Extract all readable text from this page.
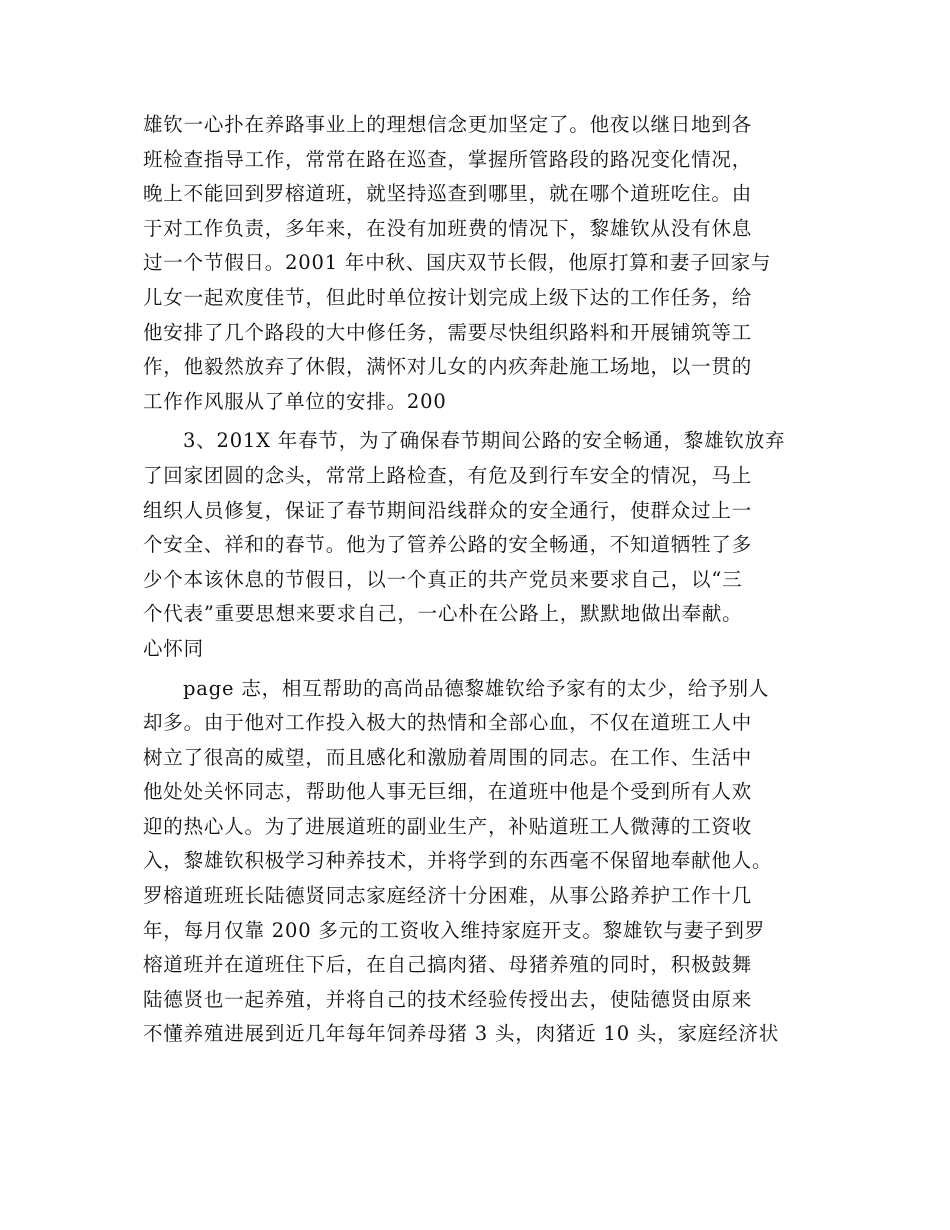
雄钦一心扑在养路事业上的理想信念更加坚定了。他夜以继日地到各
班检查指导工作，常常在路在巡查，掌握所管路段的路况变化情况，
晚上不能回到罗榕道班，就坚持巡查到哪里，就在哪个道班吃住。由
于对工作负责，多年来，在没有加班费的情况下，黎雄钦从没有休息
过一个节假日。2001 年中秋、国庆双节长假，他原打算和妻子回家与
儿女一起欢度佳节，但此时单位按计划完成上级下达的工作任务，给
他安排了几个路段的大中修任务，需要尽快组织路料和开展铺筑等工
作，他毅然放弃了休假，满怀对儿女的内疚奔赴施工场地，以一贯的
工作作风服从了单位的安排。200
3、201X 年春节，为了确保春节期间公路的安全畅通，黎雄钦放弃
了回家团圆的念头，常常上路检查，有危及到行车安全的情况，马上
组织人员修复，保证了春节期间沿线群众的安全通行，使群众过上一
个安全、祥和的春节。他为了管养公路的安全畅通，不知道牺牲了多
少个本该休息的节假日，以一个真正的共产党员来要求自己，以“三
个代表”重要思想来要求自己，一心朴在公路上，默默地做出奉献。
心怀同
page 志，相互帮助的高尚品德黎雄钦给予家有的太少，给予别人
却多。由于他对工作投入极大的热情和全部心血，不仅在道班工人中
树立了很高的威望，而且感化和激励着周围的同志。在工作、生活中
他处处关怀同志，帮助他人事无巨细，在道班中他是个受到所有人欢
迎的热心人。为了进展道班的副业生产，补贴道班工人微薄的工资收
入，黎雄钦积极学习种养技术，并将学到的东西毫不保留地奉献他人。
罗榕道班班长陆德贤同志家庭经济十分困难，从事公路养护工作十几
年，每月仅靠 200 多元的工资收入维持家庭开支。黎雄钦与妻子到罗
榕道班并在道班住下后，在自己搞肉猪、母猪养殖的同时，积极鼓舞
陆德贤也一起养殖，并将自己的技术经验传授出去，使陆德贤由原来
不懂养殖进展到近几年每年饲养母猪 3 头，肉猪近 10 头，家庭经济状
